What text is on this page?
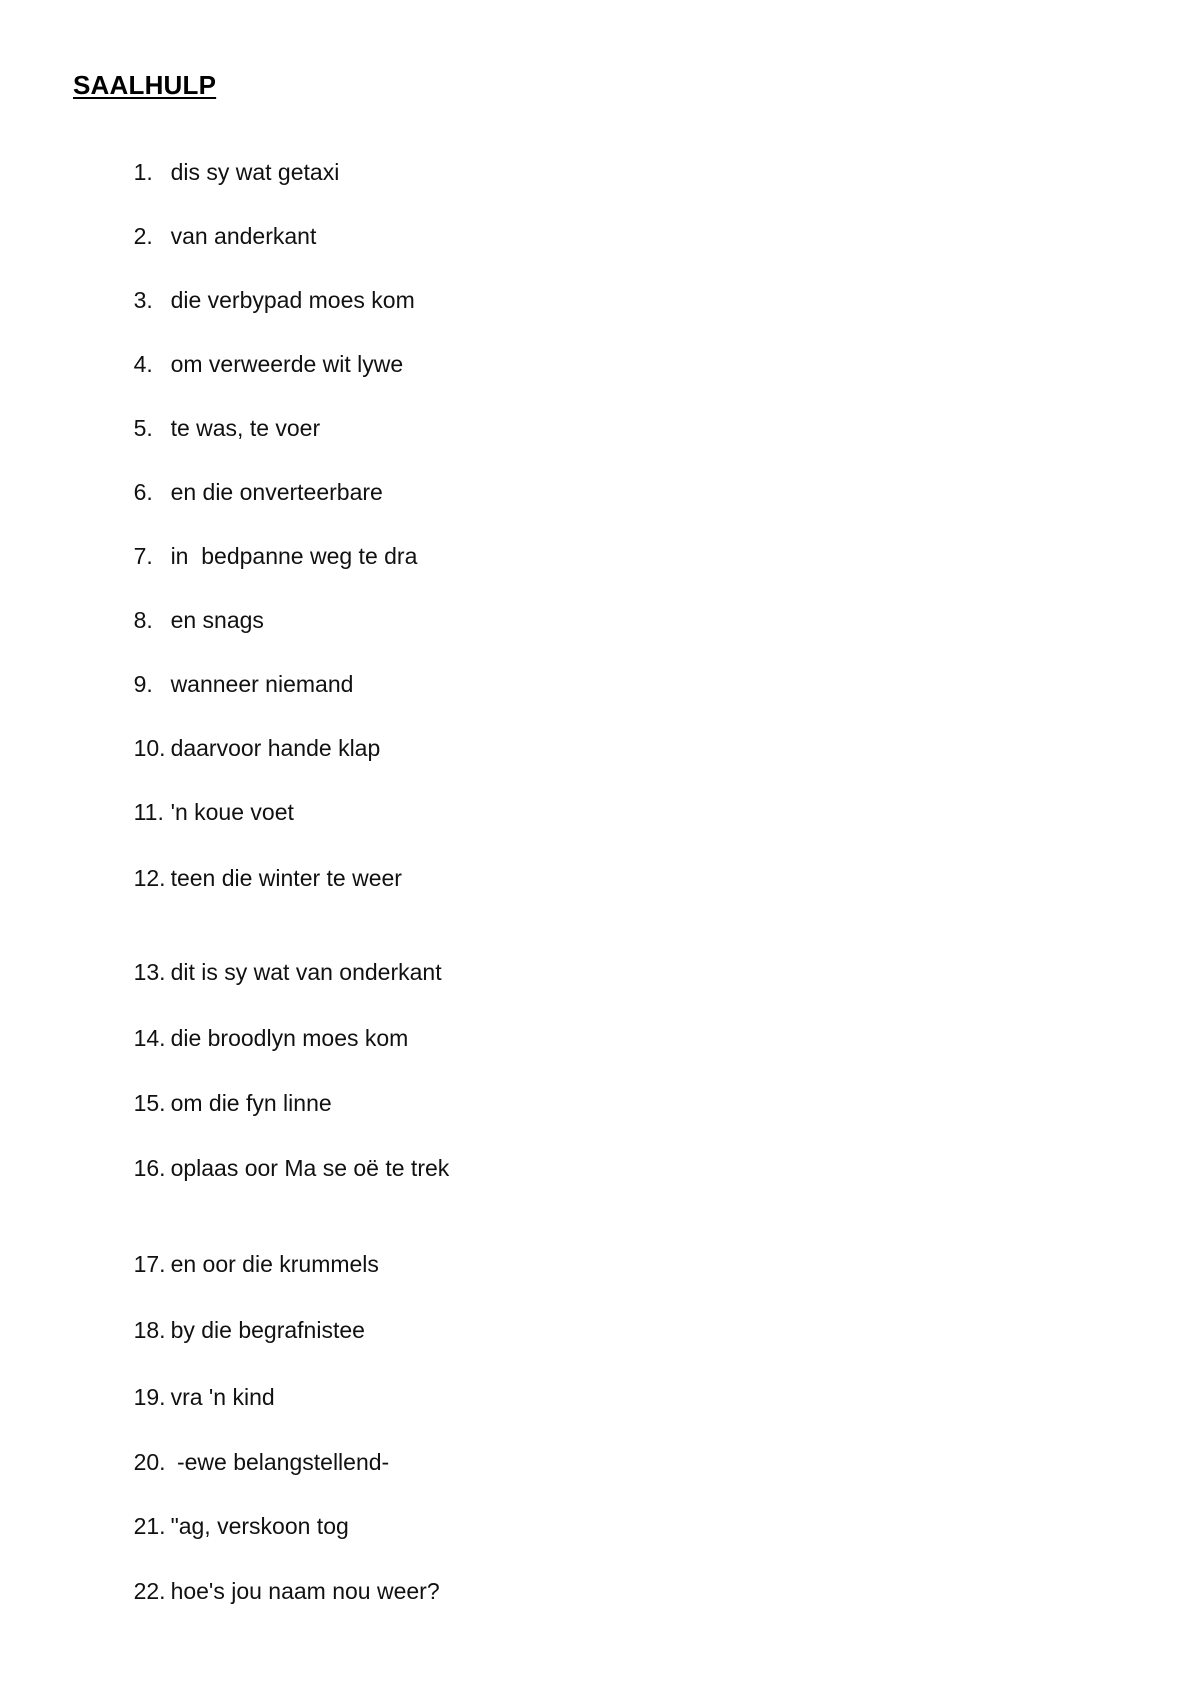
SAALHULP

1. dis sy wat getaxi

2. van anderkant

3. die verbypad moes kom

4. om verweerde wit lywe

5. te was, te voer

6. en die onverteerbare

7. in  bedpanne weg te dra

8. en snags

9. wanneer niemand

10. daarvoor hande klap

11. 'n koue voet

12. teen die winter te weer

13. dit is sy wat van onderkant

14. die broodlyn moes kom

15. om die fyn linne

16. oplaas oor Ma se oë te trek

17. en oor die krummels

18. by die begrafnistee

19. vra 'n kind

20. -ewe belangstellend-

21. "ag, verskoon tog

22. hoe's jou naam nou weer?
